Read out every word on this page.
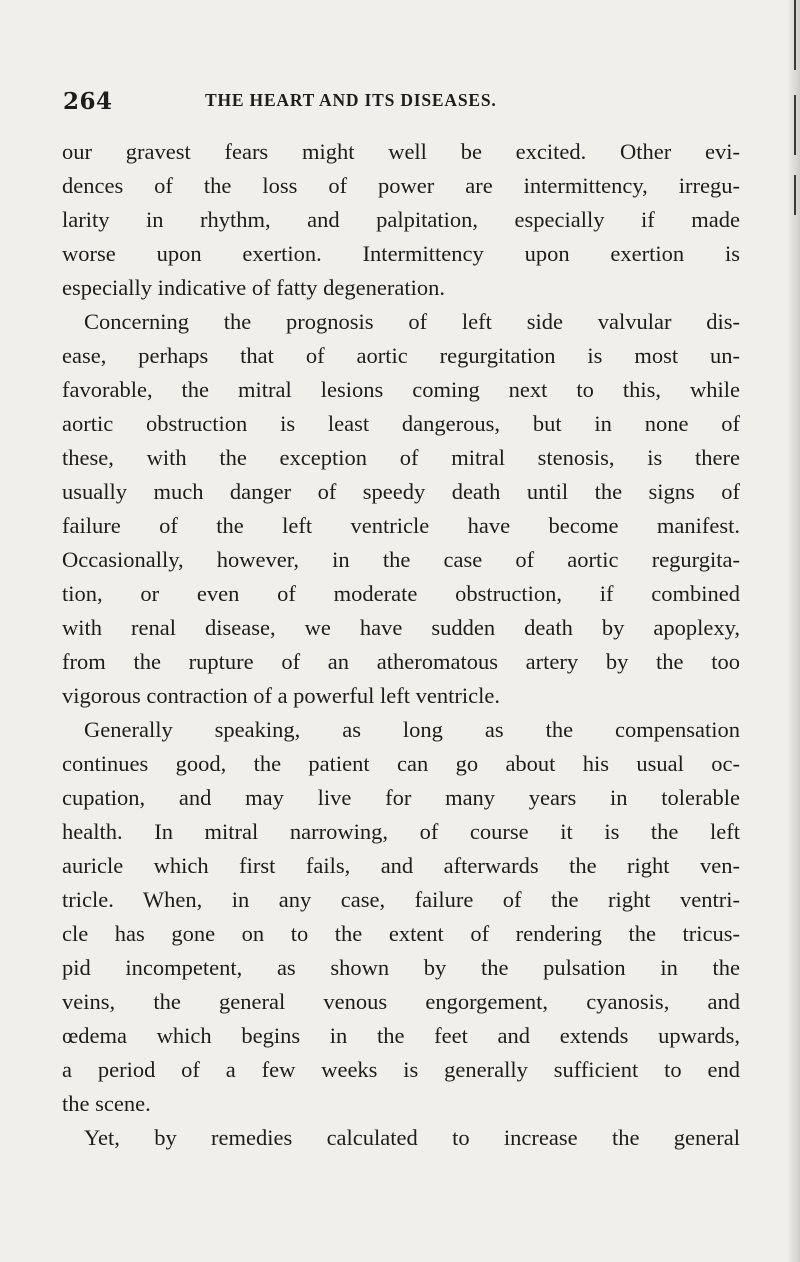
264	THE HEART AND ITS DISEASES.
our gravest fears might well be excited. Other evi-
dences of the loss of power are intermittency, irregu-
larity in rhythm, and palpitation, especially if made
worse upon exertion. Intermittency upon exertion is
especially indicative of fatty degeneration.
Concerning the prognosis of left side valvular dis-
ease, perhaps that of aortic regurgitation is most un-
favorable, the mitral lesions coming next to this, while
aortic obstruction is least dangerous, but in none of
these, with the exception of mitral stenosis, is there
usually much danger of speedy death until the signs of
failure of the left ventricle have become manifest.
Occasionally, however, in the case of aortic regurgita-
tion, or even of moderate obstruction, if combined
with renal disease, we have sudden death by apoplexy,
from the rupture of an atheromatous artery by the too
vigorous contraction of a powerful left ventricle.
Generally speaking, as long as the compensation
continues good, the patient can go about his usual oc-
cupation, and may live for many years in tolerable
health. In mitral narrowing, of course it is the left
auricle which first fails, and afterwards the right ven-
tricle. When, in any case, failure of the right ventri-
cle has gone on to the extent of rendering the tricus-
pid incompetent, as shown by the pulsation in the
veins, the general venous engorgement, cyanosis, and
œdema which begins in the feet and extends upwards,
a period of a few weeks is generally sufficient to end
the scene.
Yet, by remedies calculated to increase the general
